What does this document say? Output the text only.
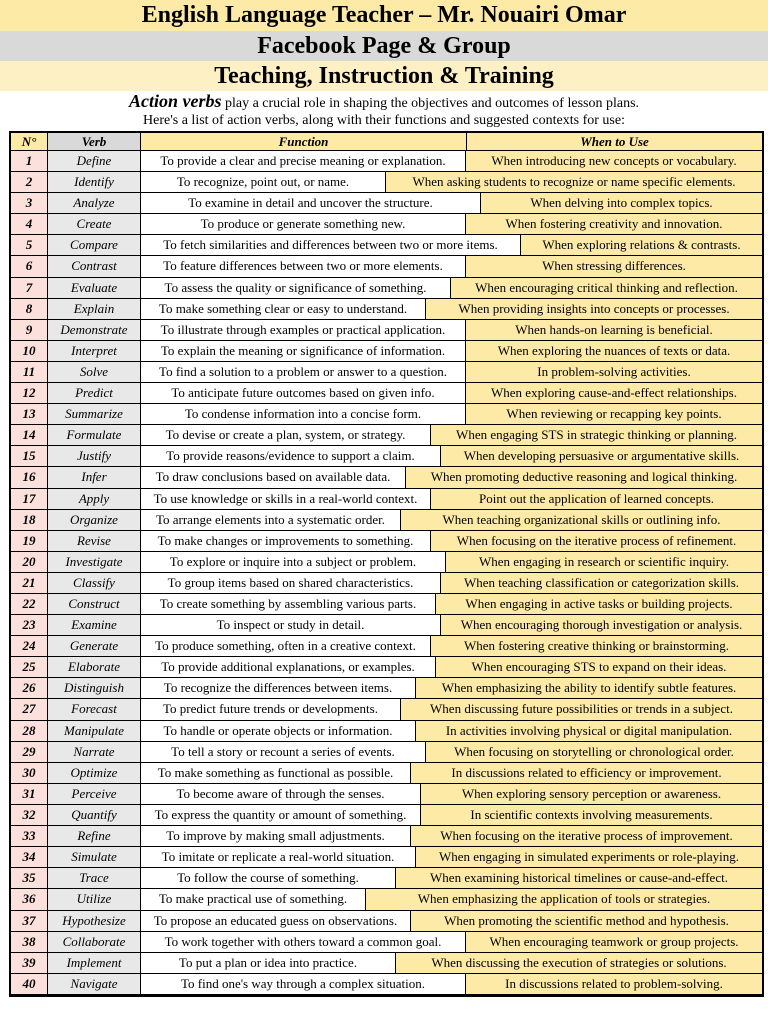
English Language Teacher – Mr. Nouairi Omar
Facebook Page & Group
Teaching, Instruction & Training
Action verbs play a crucial role in shaping the objectives and outcomes of lesson plans.
Here's a list of action verbs, along with their functions and suggested contexts for use:
N°	Verb	Function	When to Use
1	Define	To provide a clear and precise meaning or explanation.	When introducing new concepts or vocabulary.
2	Identify	To recognize, point out, or name.	When asking students to recognize or name specific elements.
3	Analyze	To examine in detail and uncover the structure.	When delving into complex topics.
4	Create	To produce or generate something new.	When fostering creativity and innovation.
5	Compare	To fetch similarities and differences between two or more items.	When exploring relations & contrasts.
6	Contrast	To feature differences between two or more elements.	When stressing differences.
7	Evaluate	To assess the quality or significance of something.	When encouraging critical thinking and reflection.
8	Explain	To make something clear or easy to understand.	When providing insights into concepts or processes.
9	Demonstrate	To illustrate through examples or practical application.	When hands-on learning is beneficial.
10	Interpret	To explain the meaning or significance of information.	When exploring the nuances of texts or data.
11	Solve	To find a solution to a problem or answer to a question.	In problem-solving activities.
12	Predict	To anticipate future outcomes based on given info.	When exploring cause-and-effect relationships.
13	Summarize	To condense information into a concise form.	When reviewing or recapping key points.
14	Formulate	To devise or create a plan, system, or strategy.	When engaging STS in strategic thinking or planning.
15	Justify	To provide reasons/evidence to support a claim.	When developing persuasive or argumentative skills.
16	Infer	To draw conclusions based on available data.	When promoting deductive reasoning and logical thinking.
17	Apply	To use knowledge or skills in a real-world context.	Point out the application of learned concepts.
18	Organize	To arrange elements into a systematic order.	When teaching organizational skills or outlining info.
19	Revise	To make changes or improvements to something.	When focusing on the iterative process of refinement.
20	Investigate	To explore or inquire into a subject or problem.	When engaging in research or scientific inquiry.
21	Classify	To group items based on shared characteristics.	When teaching classification or categorization skills.
22	Construct	To create something by assembling various parts.	When engaging in active tasks or building projects.
23	Examine	To inspect or study in detail.	When encouraging thorough investigation or analysis.
24	Generate	To produce something, often in a creative context.	When fostering creative thinking or brainstorming.
25	Elaborate	To provide additional explanations, or examples.	When encouraging STS to expand on their ideas.
26	Distinguish	To recognize the differences between items.	When emphasizing the ability to identify subtle features.
27	Forecast	To predict future trends or developments.	When discussing future possibilities or trends in a subject.
28	Manipulate	To handle or operate objects or information.	In activities involving physical or digital manipulation.
29	Narrate	To tell a story or recount a series of events.	When focusing on storytelling or chronological order.
30	Optimize	To make something as functional as possible.	In discussions related to efficiency or improvement.
31	Perceive	To become aware of through the senses.	When exploring sensory perception or awareness.
32	Quantify	To express the quantity or amount of something.	In scientific contexts involving measurements.
33	Refine	To improve by making small adjustments.	When focusing on the iterative process of improvement.
34	Simulate	To imitate or replicate a real-world situation.	When engaging in simulated experiments or role-playing.
35	Trace	To follow the course of something.	When examining historical timelines or cause-and-effect.
36	Utilize	To make practical use of something.	When emphasizing the application of tools or strategies.
37	Hypothesize	To propose an educated guess on observations.	When promoting the scientific method and hypothesis.
38	Collaborate	To work together with others toward a common goal.	When encouraging teamwork or group projects.
39	Implement	To put a plan or idea into practice.	When discussing the execution of strategies or solutions.
40	Navigate	To find one's way through a complex situation.	In discussions related to problem-solving.
